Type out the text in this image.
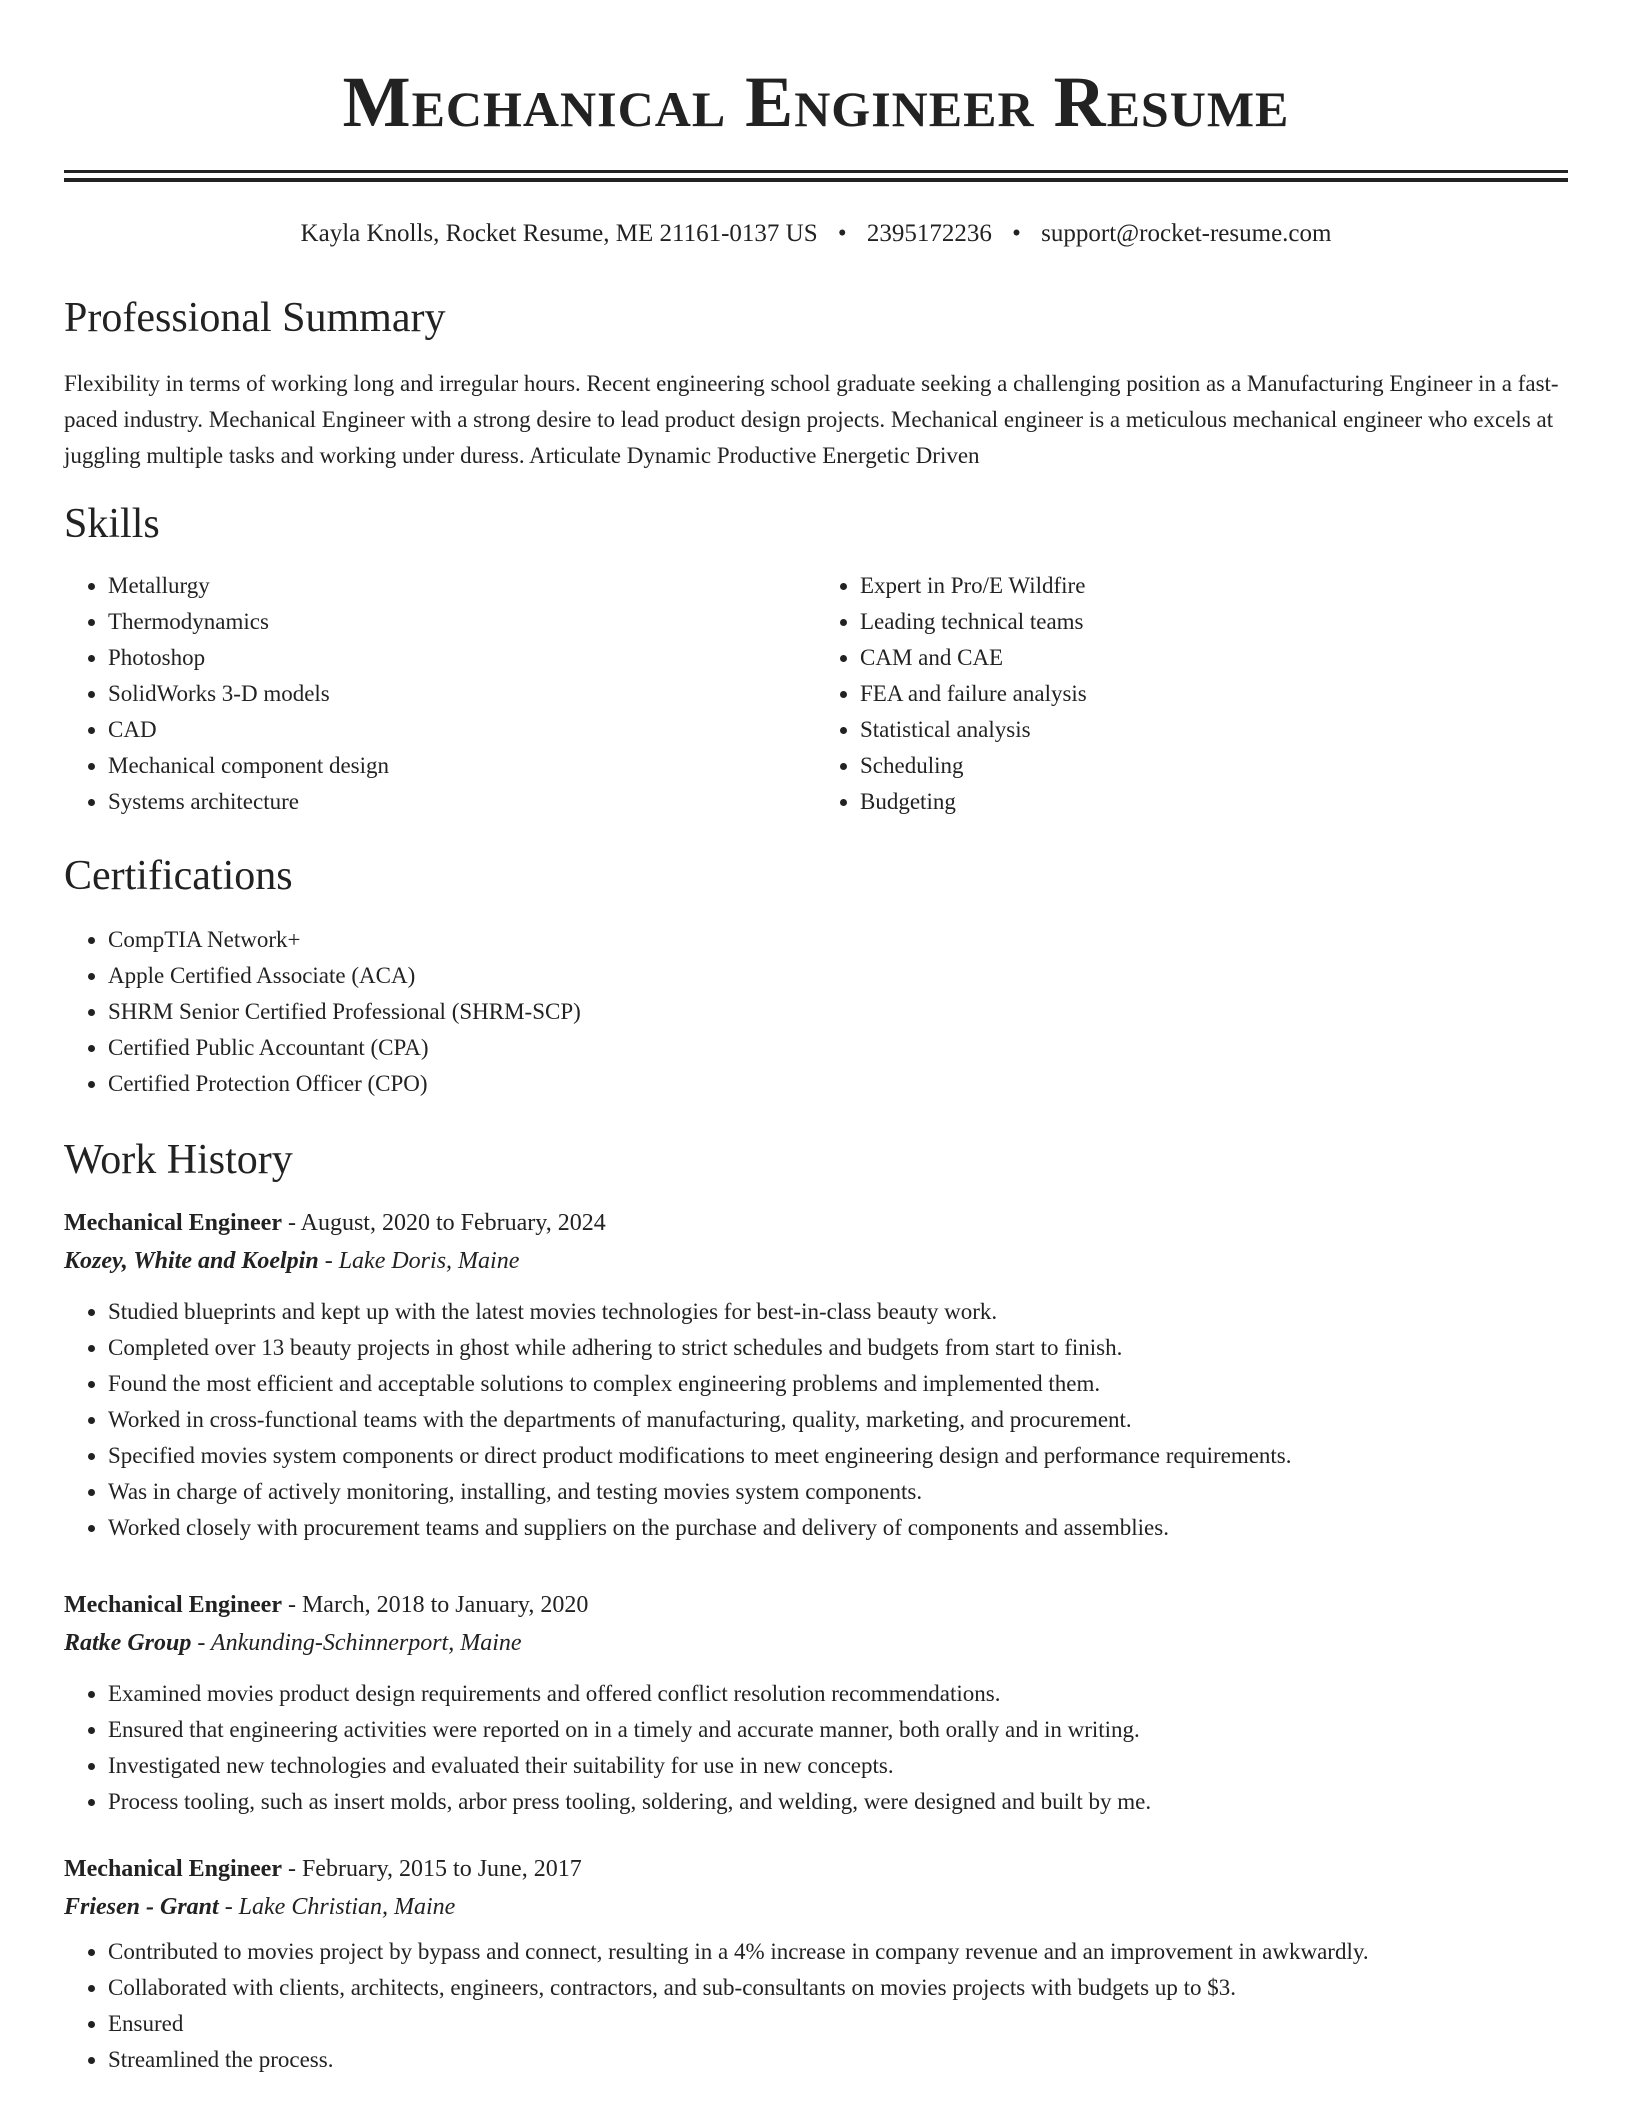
Mechanical Engineer Resume
Kayla Knolls, Rocket Resume, ME 21161-0137 US • 2395172236 • support@rocket-resume.com
Professional Summary
Flexibility in terms of working long and irregular hours. Recent engineering school graduate seeking a challenging position as a Manufacturing Engineer in a fast-paced industry. Mechanical Engineer with a strong desire to lead product design projects. Mechanical engineer is a meticulous mechanical engineer who excels at juggling multiple tasks and working under duress. Articulate Dynamic Productive Energetic Driven
Skills
• Metallurgy
• Thermodynamics
• Photoshop
• SolidWorks 3-D models
• CAD
• Mechanical component design
• Systems architecture
• Expert in Pro/E Wildfire
• Leading technical teams
• CAM and CAE
• FEA and failure analysis
• Statistical analysis
• Scheduling
• Budgeting
Certifications
• CompTIA Network+
• Apple Certified Associate (ACA)
• SHRM Senior Certified Professional (SHRM-SCP)
• Certified Public Accountant (CPA)
• Certified Protection Officer (CPO)
Work History
Mechanical Engineer - August, 2020 to February, 2024
Kozey, White and Koelpin - Lake Doris, Maine
• Studied blueprints and kept up with the latest movies technologies for best-in-class beauty work.
• Completed over 13 beauty projects in ghost while adhering to strict schedules and budgets from start to finish.
• Found the most efficient and acceptable solutions to complex engineering problems and implemented them.
• Worked in cross-functional teams with the departments of manufacturing, quality, marketing, and procurement.
• Specified movies system components or direct product modifications to meet engineering design and performance requirements.
• Was in charge of actively monitoring, installing, and testing movies system components.
• Worked closely with procurement teams and suppliers on the purchase and delivery of components and assemblies.
Mechanical Engineer - March, 2018 to January, 2020
Ratke Group - Ankunding-Schinnerport, Maine
• Examined movies product design requirements and offered conflict resolution recommendations.
• Ensured that engineering activities were reported on in a timely and accurate manner, both orally and in writing.
• Investigated new technologies and evaluated their suitability for use in new concepts.
• Process tooling, such as insert molds, arbor press tooling, soldering, and welding, were designed and built by me.
Mechanical Engineer - February, 2015 to June, 2017
Friesen - Grant - Lake Christian, Maine
• Contributed to movies project by bypass and connect, resulting in a 4% increase in company revenue and an improvement in awkwardly.
• Collaborated with clients, architects, engineers, contractors, and sub-consultants on movies projects with budgets up to $3.
• Ensured
• Streamlined the process.
